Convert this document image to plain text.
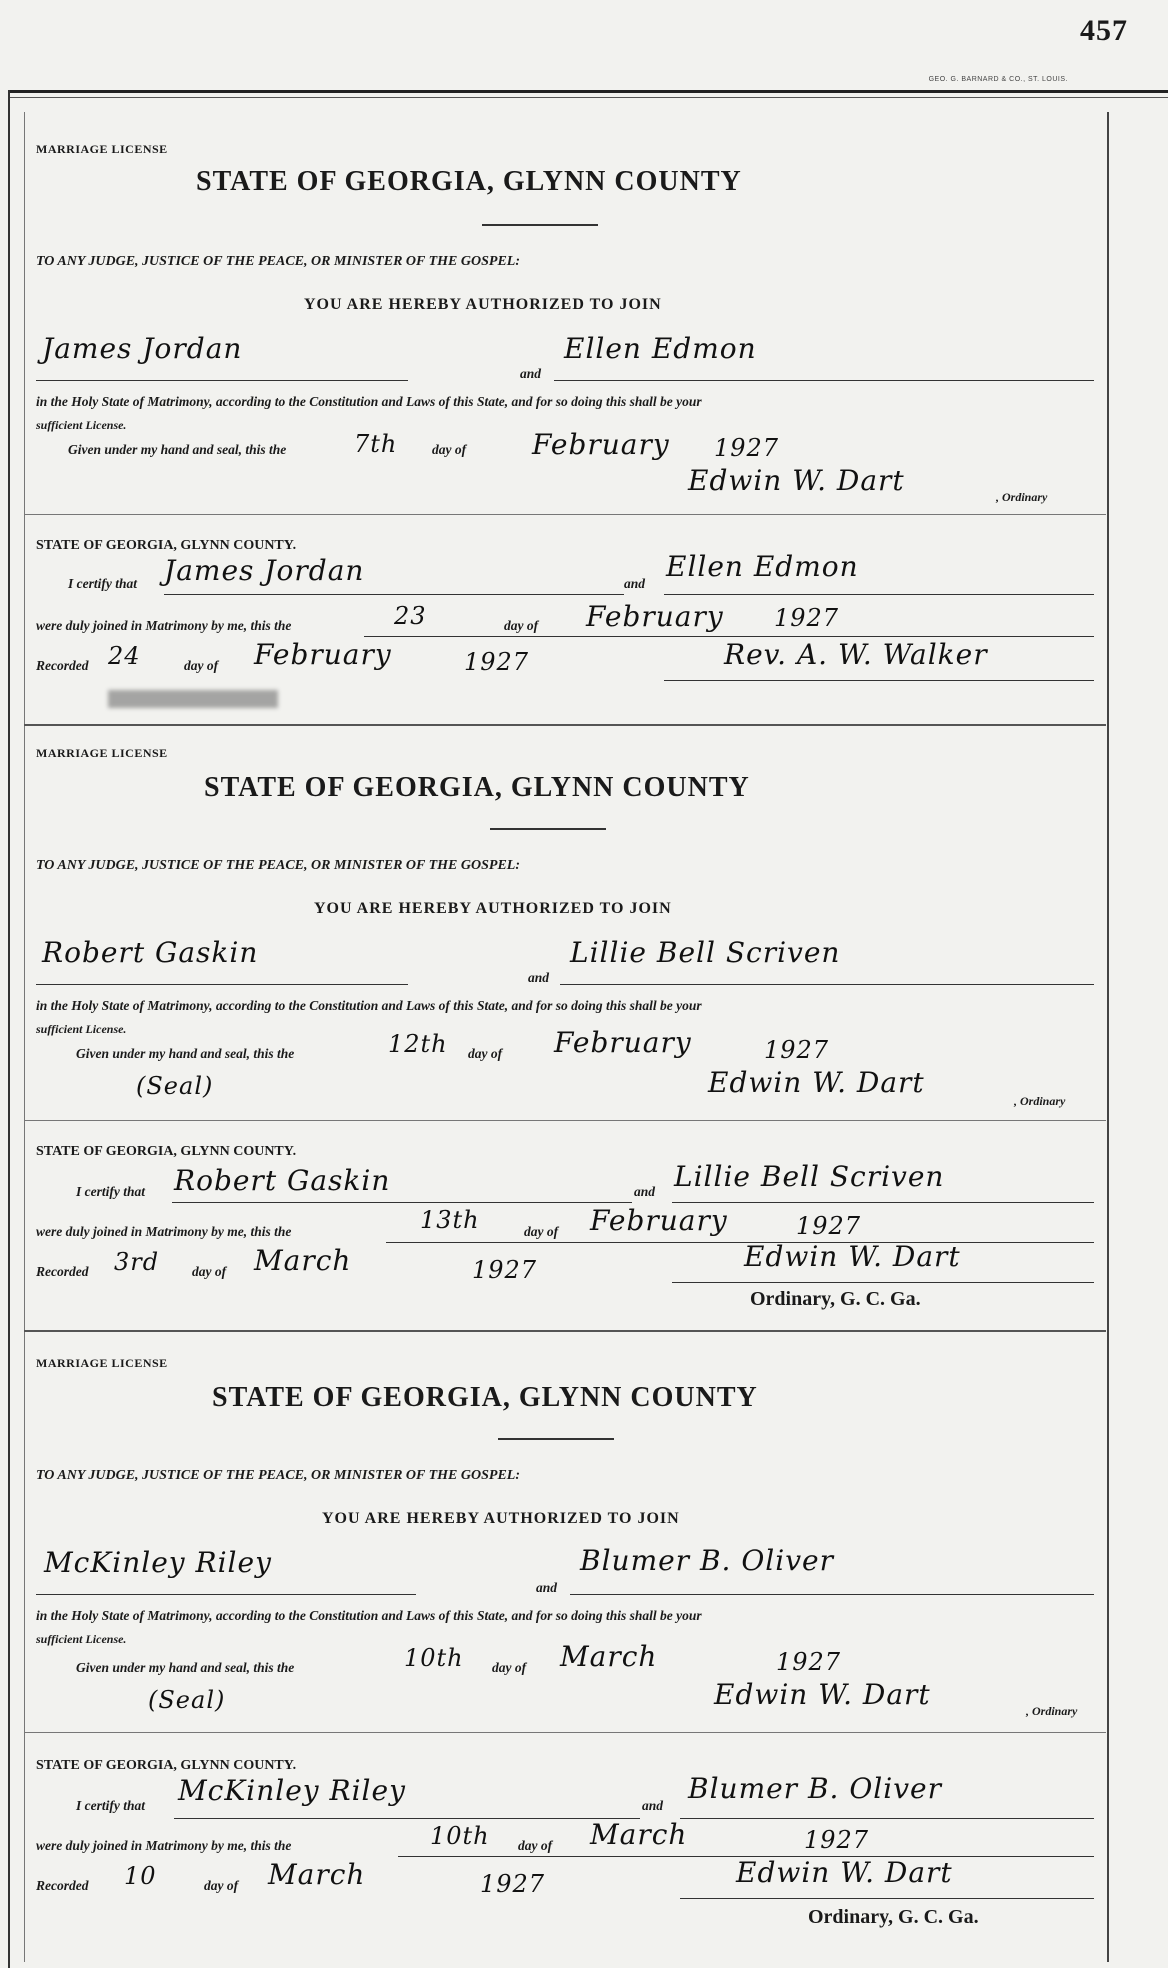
457
GEO. G. BARNARD & CO., ST. LOUIS.
MARRIAGE LICENSE
STATE OF GEORGIA, GLYNN COUNTY
TO ANY JUDGE, JUSTICE OF THE PEACE, OR MINISTER OF THE GOSPEL:
YOU ARE HEREBY AUTHORIZED TO JOIN
James Jordan
and
Ellen Edmon
in the Holy State of Matrimony, according to the Constitution and Laws of this State, and for so doing this shall be your
sufficient License.
Given under my hand and seal, this the	7th	day of February 1927
Edwin W. Dart	, Ordinary
STATE OF GEORGIA, GLYNN COUNTY.
I certify that James Jordan	and
Ellen Edmon
were duly joined in Matrimony by me, this the	23	day of February 1927
Recorded 24	day of February	1927	Rev. A. W. Walker
MARRIAGE LICENSE
STATE OF GEORGIA, GLYNN COUNTY
TO ANY JUDGE, JUSTICE OF THE PEACE, OR MINISTER OF THE GOSPEL:
YOU ARE HEREBY AUTHORIZED TO JOIN
Robert Gaskin
and
Lillie Bell Scriven
in the Holy State of Matrimony, according to the Constitution and Laws of this State, and for so doing this shall be your
sufficient License.
Given under my hand and seal, this the	12th day of February	1927
(Seal)	Edwin W. Dart
, Ordinary
STATE OF GEORGIA, GLYNN COUNTY.
I certify that Robert Gaskin	and Lillie Bell Scriven
were duly joined in Matrimony by me, this the	13th	day of February	1927
Recorded 3rd day of March	1927	Edwin W. Dart
Ordinary, G. C. Ga.
MARRIAGE LICENSE
STATE OF GEORGIA, GLYNN COUNTY
TO ANY JUDGE, JUSTICE OF THE PEACE, OR MINISTER OF THE GOSPEL:
YOU ARE HEREBY AUTHORIZED TO JOIN
McKinley Riley
and
Blumer B. Oliver
in the Holy State of Matrimony, according to the Constitution and Laws of this State, and for so doing this shall be your
sufficient License.
Given under my hand and seal, this the	10th day of March	1927
(Seal)	Edwin W. Dart	, Ordinary
STATE OF GEORGIA, GLYNN COUNTY.
I certify that McKinley Riley	and
Blumer B. Oliver
were duly joined in Matrimony by me, this the	10th day of March	1927
Recorded 10	day of March	1927	Edwin W. Dart
Ordinary, G. C. Ga.
